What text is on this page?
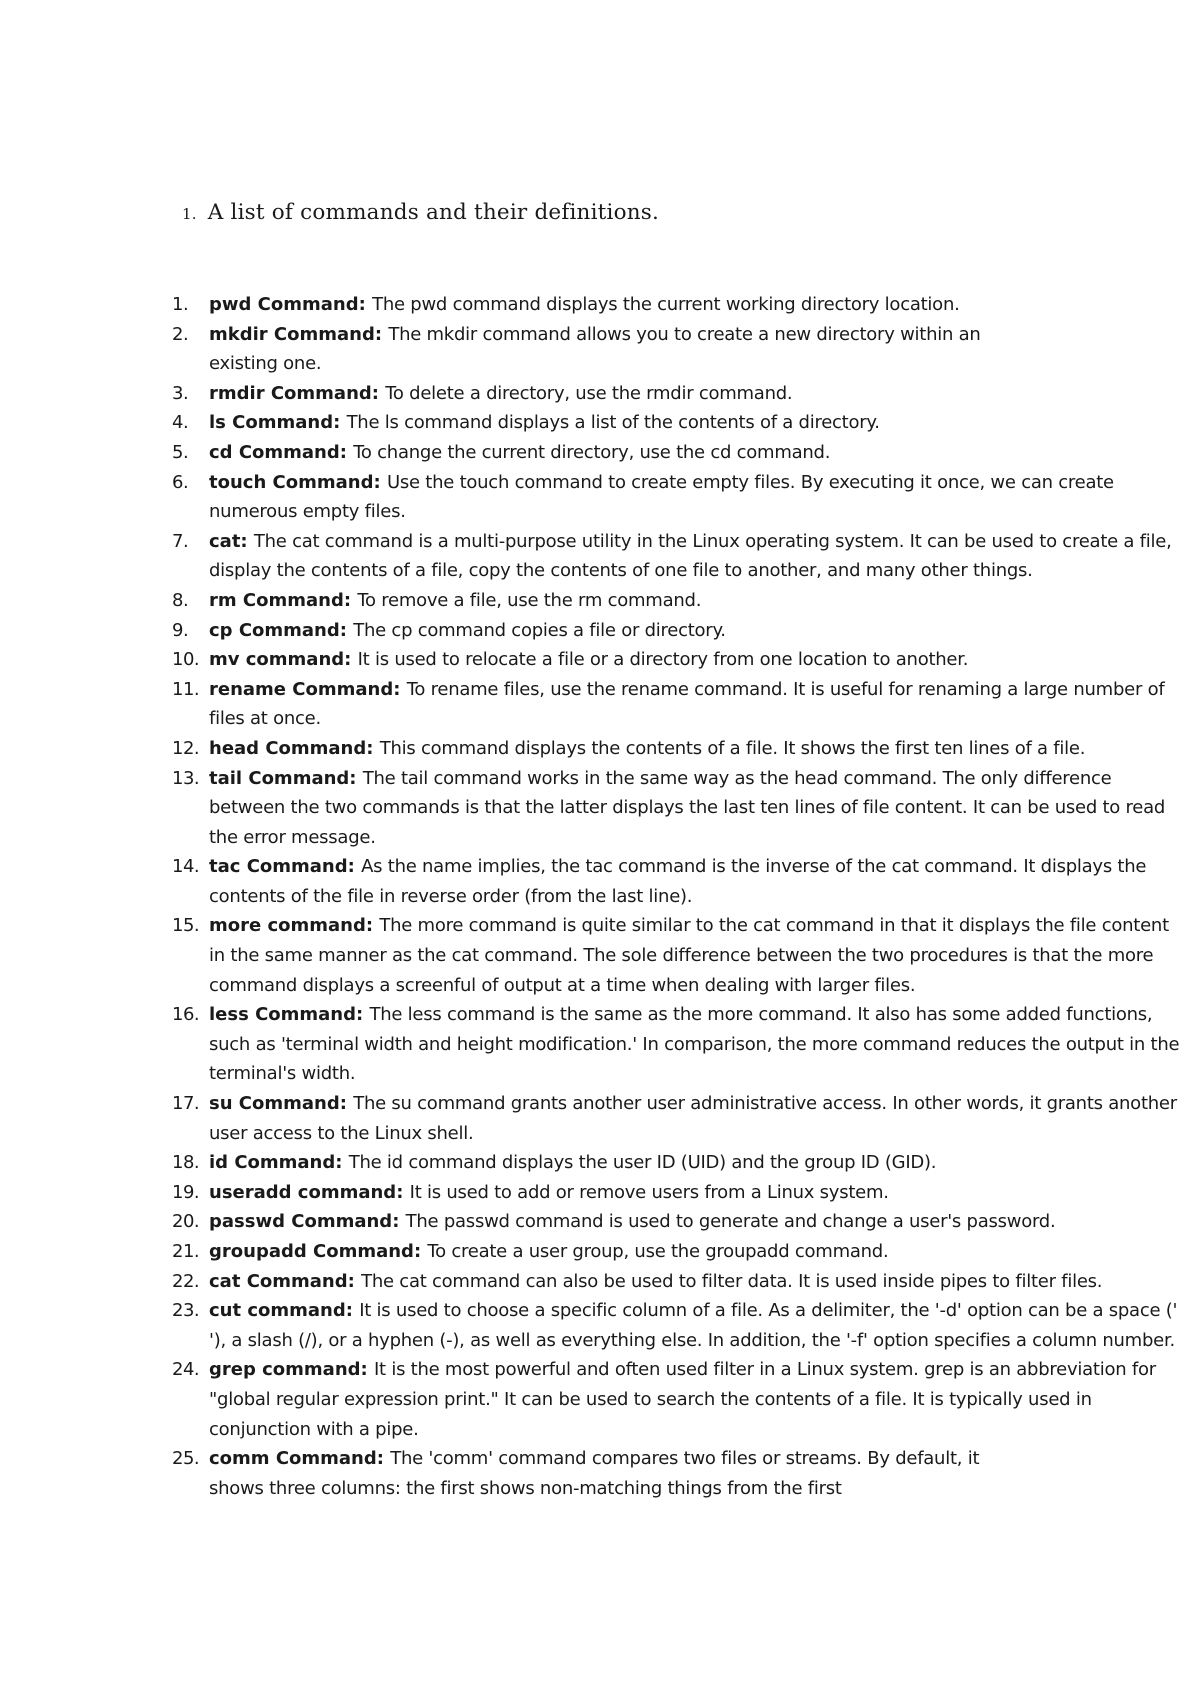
1. A list of commands and their definitions.
1. pwd Command: The pwd command displays the current working directory location.
2. mkdir Command: The mkdir command allows you to create a new directory within an existing one.
3. rmdir Command: To delete a directory, use the rmdir command.
4. ls Command: The ls command displays a list of the contents of a directory.
5. cd Command: To change the current directory, use the cd command.
6. touch Command: Use the touch command to create empty files. By executing it once, we can create numerous empty files.
7. cat: The cat command is a multi-purpose utility in the Linux operating system. It can be used to create a file, display the contents of a file, copy the contents of one file to another, and many other things.
8. rm Command: To remove a file, use the rm command.
9. cp Command: The cp command copies a file or directory.
10. mv command: It is used to relocate a file or a directory from one location to another.
11. rename Command: To rename files, use the rename command. It is useful for renaming a large number of files at once.
12. head Command: This command displays the contents of a file. It shows the first ten lines of a file.
13. tail Command: The tail command works in the same way as the head command. The only difference between the two commands is that the latter displays the last ten lines of file content. It can be used to read the error message.
14. tac Command: As the name implies, the tac command is the inverse of the cat command. It displays the contents of the file in reverse order (from the last line).
15. more command: The more command is quite similar to the cat command in that it displays the file content in the same manner as the cat command. The sole difference between the two procedures is that the more command displays a screenful of output at a time when dealing with larger files.
16. less Command: The less command is the same as the more command. It also has some added functions, such as 'terminal width and height modification.' In comparison, the more command reduces the output in the terminal's width.
17. su Command: The su command grants another user administrative access. In other words, it grants another user access to the Linux shell.
18. id Command: The id command displays the user ID (UID) and the group ID (GID).
19. useradd command: It is used to add or remove users from a Linux system.
20. passwd Command: The passwd command is used to generate and change a user's password.
21. groupadd Command: To create a user group, use the groupadd command.
22. cat Command: The cat command can also be used to filter data. It is used inside pipes to filter files.
23. cut command: It is used to choose a specific column of a file. As a delimiter, the '-d' option can be a space (' '), a slash (/), or a hyphen (-), as well as everything else. In addition, the '-f' option specifies a column number.
24. grep command: It is the most powerful and often used filter in a Linux system. grep is an abbreviation for "global regular expression print." It can be used to search the contents of a file. It is typically used in conjunction with a pipe.
25. comm Command: The 'comm' command compares two files or streams. By default, it shows three columns: the first shows non-matching things from the first
